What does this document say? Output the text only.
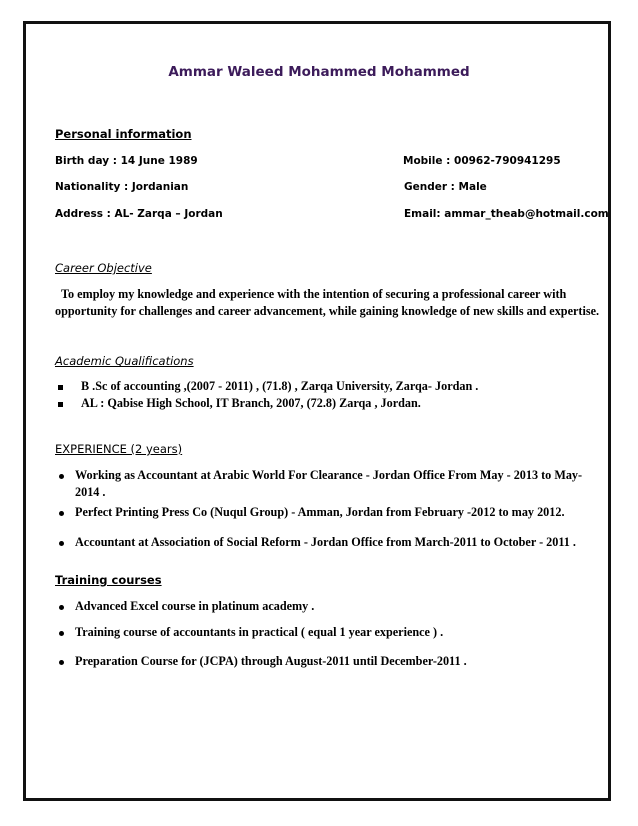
Ammar Waleed Mohammed Mohammed
Personal information
Birth day : 14 June 1989	Mobile : 00962-790941295
Nationality : Jordanian	Gender : Male
Address : AL- Zarqa – Jordan	Email: ammar_theab@hotmail.com
Career Objective
To employ my knowledge and experience with the intention of securing a professional career with
opportunity for challenges and career advancement, while gaining knowledge of new skills and expertise.
Academic Qualifications
B .Sc of accounting ,(2007 - 2011) , (71.8) , Zarqa University, Zarqa- Jordan .
AL : Qabise High School, IT Branch, 2007, (72.8) Zarqa , Jordan.
EXPERIENCE (2 years)
Working as Accountant at Arabic World For Clearance - Jordan Office From May - 2013 to May-
2014 .
Perfect Printing Press Co (Nuqul Group) - Amman, Jordan from February -2012 to may 2012.
Accountant at Association of Social Reform - Jordan Office from March-2011 to October - 2011 .
Training courses
Advanced Excel course in platinum academy .
Training course of accountants in practical ( equal 1 year experience ) .
Preparation Course for (JCPA) through August-2011 until December-2011 .
